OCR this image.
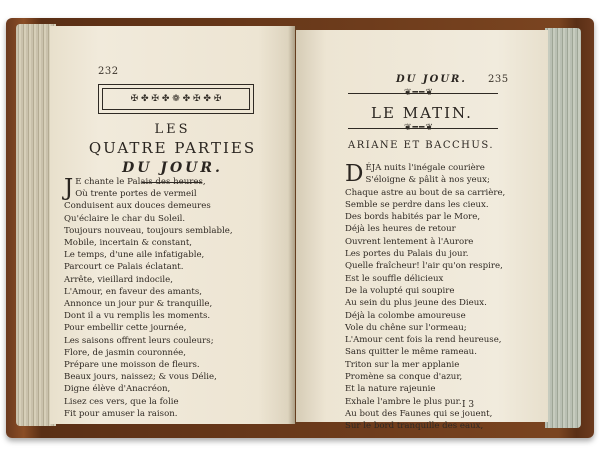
232
✠ ✤ ✠ ✤ ❁ ✤ ✠ ✤ ✠
LES
QUATRE PARTIES
DU JOUR.
J E chante le Palais des heures,
Où trente portes de vermeil
Conduisent aux douces demeures
Qu'éclaire le char du Soleil.
Toujours nouveau, toujours semblable,
Mobile, incertain & constant,
Le temps, d'une aile infatigable,
Parcourt ce Palais éclatant.
Arrête, vieillard indocile,
L'Amour, en faveur des amants,
Annonce un jour pur & tranquille,
Dont il a vu remplis les moments.
Pour embellir cette journée,
Les saisons offrent leurs couleurs;
Flore, de jasmin couronnée,
Prépare une moisson de fleurs.
Beaux jours, naissez; & vous Délie,
Digne élève d'Anacréon,
Lisez ces vers, que la folie
Fit pour amuser la raison.
DU JOUR. 235
❦━━❦
LE MATIN.
❦━━❦
ARIANE ET BACCHUS.
I 3
D ÉJA nuits l'inégale courière
S'éloigne & pâlit à nos yeux;
Chaque astre au bout de sa carrière,
Semble se perdre dans les cieux.
Des bords habités par le More,
Déjà les heures de retour
Ouvrent lentement à l'Aurore
Les portes du Palais du jour.
Quelle fraîcheur! l'air qu'on respire,
Est le souffle délicieux
De la volupté qui soupire
Au sein du plus jeune des Dieux.
Déjà la colombe amoureuse
Vole du chêne sur l'ormeau;
L'Amour cent fois la rend heureuse,
Sans quitter le même rameau.
Triton sur la mer applanie
Promène sa conque d'azur,
Et la nature rajeunie
Exhale l'ambre le plus pur.
Au bout des Faunes qui se jouent,
Sur le bord tranquille des eaux,
